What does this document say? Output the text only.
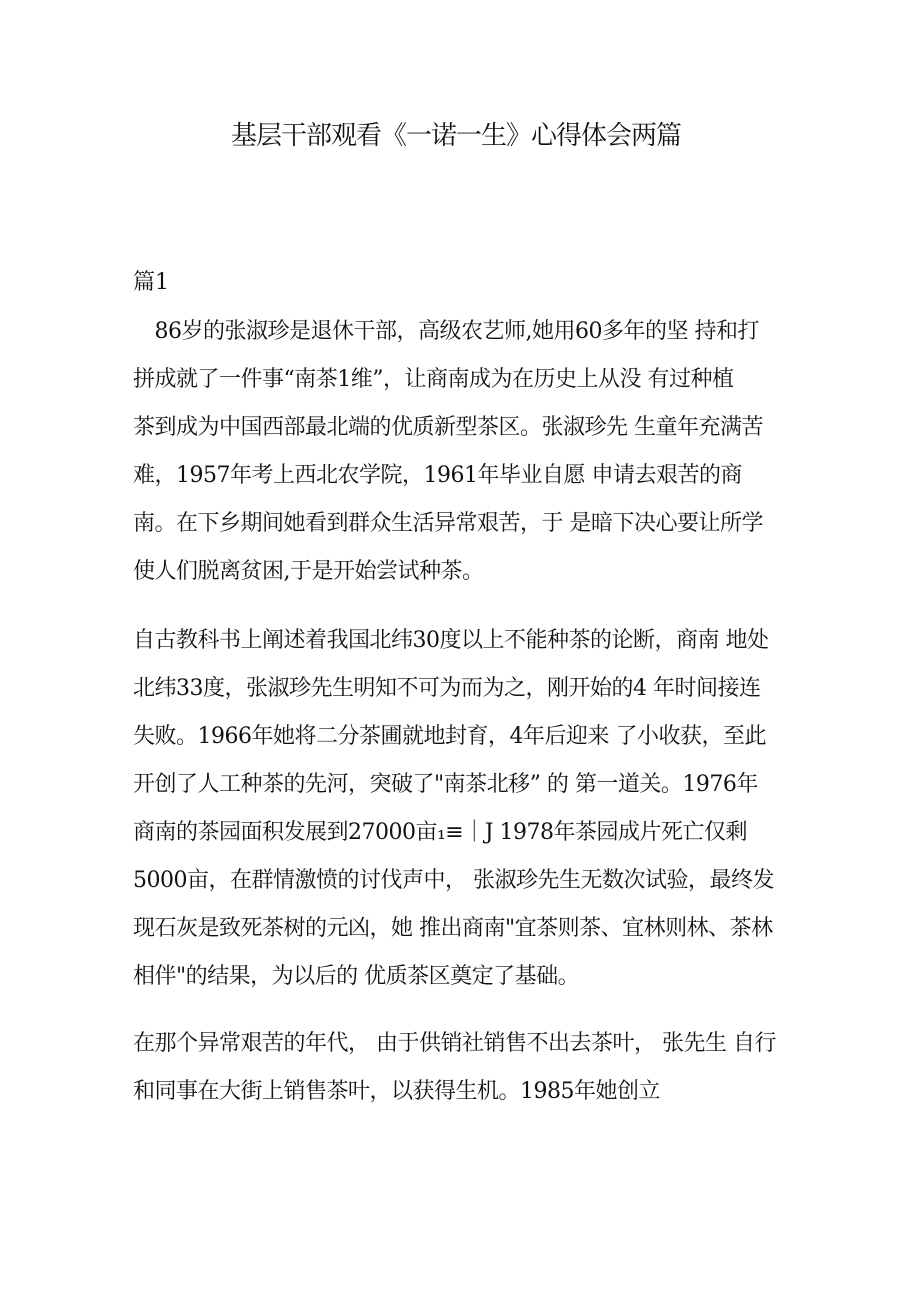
基层干部观看《一诺一生》心得体会两篇

篇1

　86岁的张淑珍是退休干部，高级农艺师,她用60多年的坚 持和打
拼成就了一件事“南茶1维”，让商南成为在历史上从没 有过种植
茶到成为中国西部最北端的优质新型茶区。张淑珍先 生童年充满苦
难，1957年考上西北农学院，1961年毕业自愿 申请去艰苦的商
南。在下乡期间她看到群众生活异常艰苦，于 是暗下决心要让所学
使人们脱离贫困,于是开始尝试种茶。
自古教科书上阐述着我国北纬30度以上不能种茶的论断，商南 地处
北纬33度，张淑珍先生明知不可为而为之，刚开始的4 年时间接连
失败。1966年她将二分茶圃就地封育，4年后迎来 了小收获，至此
开创了人工种茶的先河，突破了"南茶北移” 的 第一道关。1976年
商南的茶园面积发展到27000亩₁≡｜J 1978年茶园成片死亡仅剩
5000亩，在群情激愤的讨伐声中， 张淑珍先生无数次试验，最终发
现石灰是致死茶树的元凶，她 推出商南"宜茶则茶、宜林则林、茶林
相伴"的结果，为以后的 优质茶区奠定了基础。
在那个异常艰苦的年代， 由于供销社销售不出去茶叶， 张先生 自行
和同事在大街上销售茶叶，以获得生机。1985年她创立
